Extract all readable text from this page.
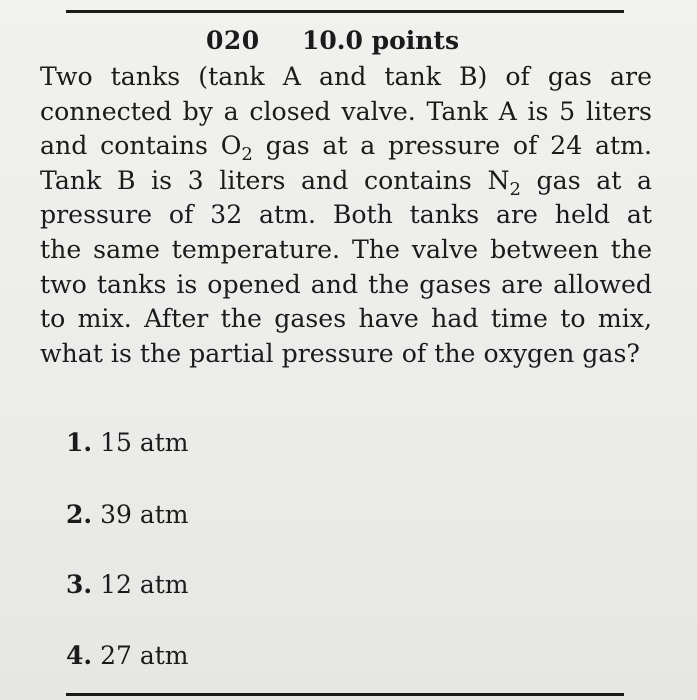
020 10.0 points
Two tanks (tank A and tank B) of gas are
connected by a closed valve. Tank A is 5 liters
and contains $O_2$ gas at a pressure of 24 atm.
Tank B is 3 liters and contains $N_2$ gas at a
pressure of 32 atm. Both tanks are held at
the same temperature. The valve between the
two tanks is opened and the gases are allowed
to mix. After the gases have had time to mix,
what is the partial pressure of the oxygen gas?
1. 15 atm
2. 39 atm
3. 12 atm
4. 27 atm
